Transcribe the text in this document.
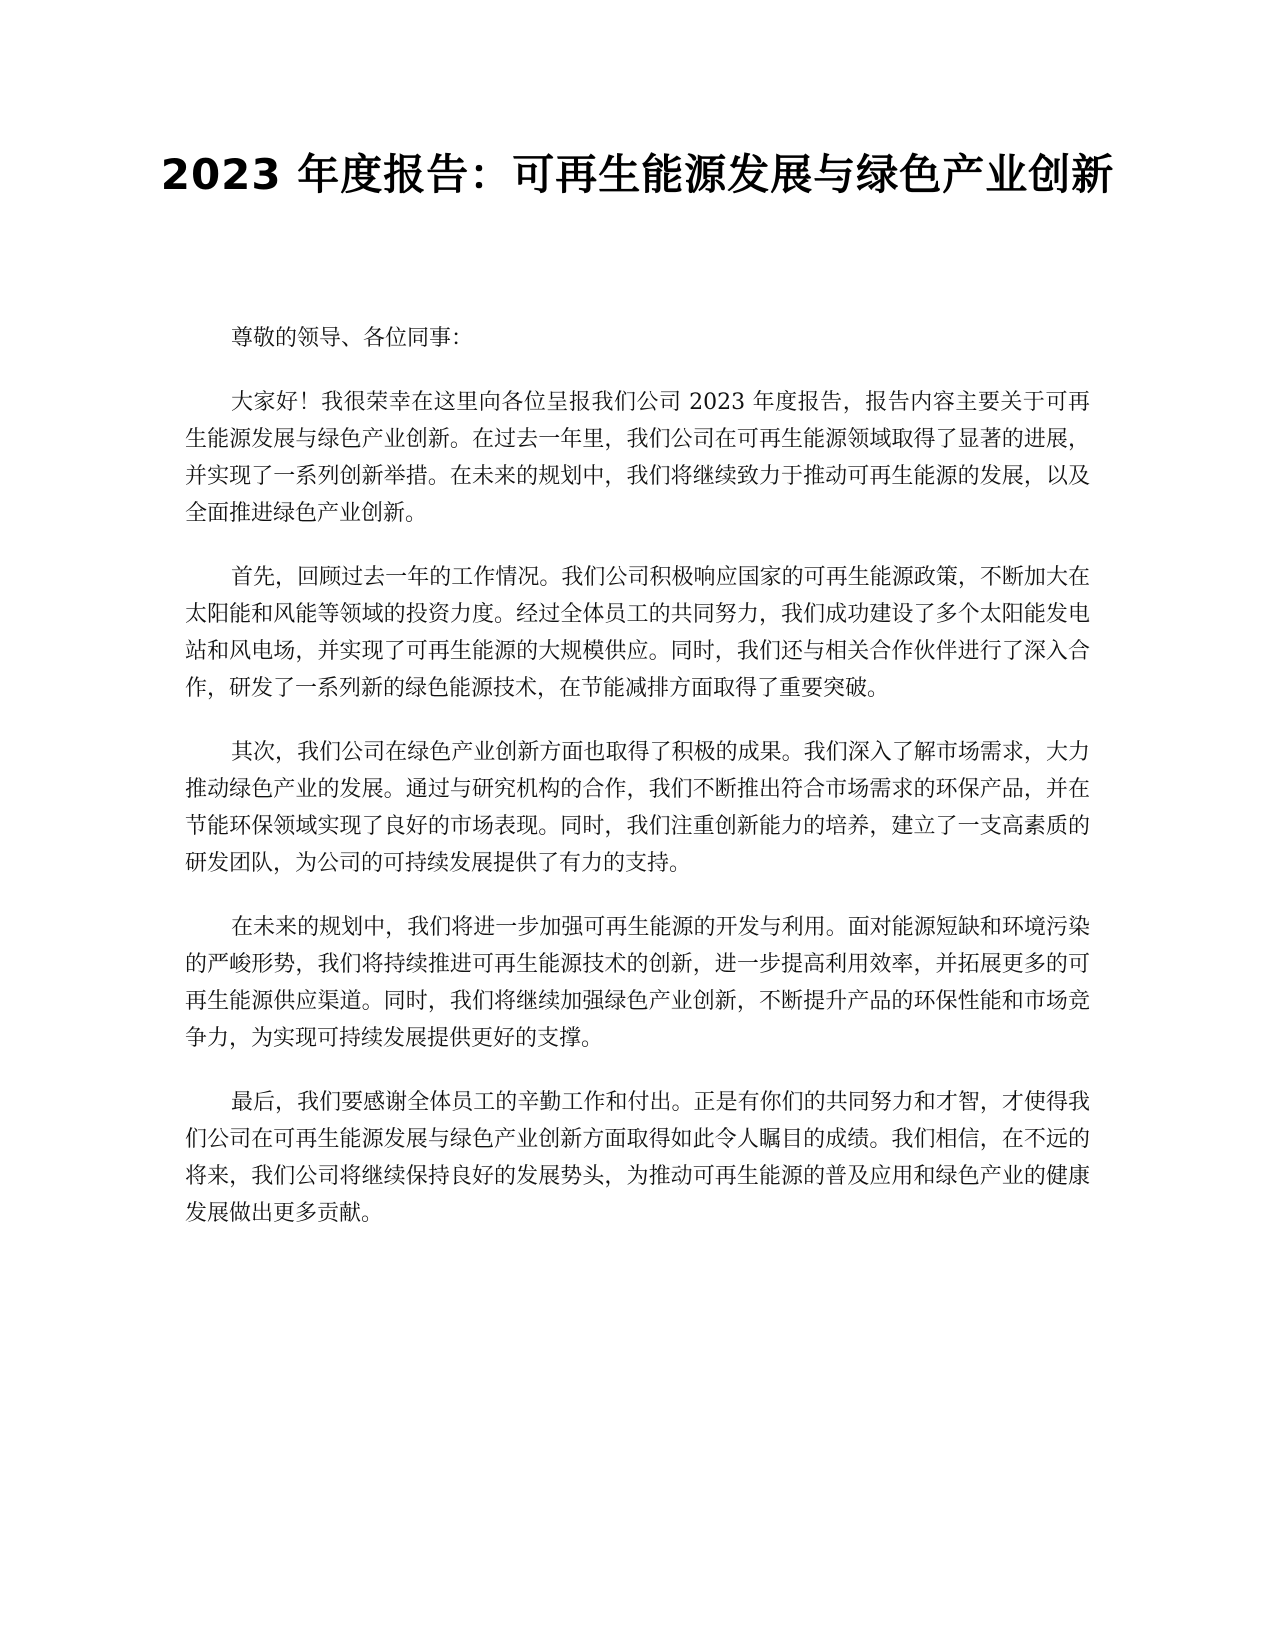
2023 年度报告：可再生能源发展与绿色产业创新

尊敬的领导、各位同事：

大家好！我很荣幸在这里向各位呈报我们公司 2023 年度报告，报告内容主要关于可再生能源发展与绿色产业创新。在过去一年里，我们公司在可再生能源领域取得了显著的进展，并实现了一系列创新举措。在未来的规划中，我们将继续致力于推动可再生能源的发展，以及全面推进绿色产业创新。

首先，回顾过去一年的工作情况。我们公司积极响应国家的可再生能源政策，不断加大在太阳能和风能等领域的投资力度。经过全体员工的共同努力，我们成功建设了多个太阳能发电站和风电场，并实现了可再生能源的大规模供应。同时，我们还与相关合作伙伴进行了深入合作，研发了一系列新的绿色能源技术，在节能减排方面取得了重要突破。

其次，我们公司在绿色产业创新方面也取得了积极的成果。我们深入了解市场需求，大力推动绿色产业的发展。通过与研究机构的合作，我们不断推出符合市场需求的环保产品，并在节能环保领域实现了良好的市场表现。同时，我们注重创新能力的培养，建立了一支高素质的研发团队，为公司的可持续发展提供了有力的支持。

在未来的规划中，我们将进一步加强可再生能源的开发与利用。面对能源短缺和环境污染的严峻形势，我们将持续推进可再生能源技术的创新，进一步提高利用效率，并拓展更多的可再生能源供应渠道。同时，我们将继续加强绿色产业创新，不断提升产品的环保性能和市场竞争力，为实现可持续发展提供更好的支撑。

最后，我们要感谢全体员工的辛勤工作和付出。正是有你们的共同努力和才智，才使得我们公司在可再生能源发展与绿色产业创新方面取得如此令人瞩目的成绩。我们相信，在不远的将来，我们公司将继续保持良好的发展势头，为推动可再生能源的普及应用和绿色产业的健康发展做出更多贡献。
